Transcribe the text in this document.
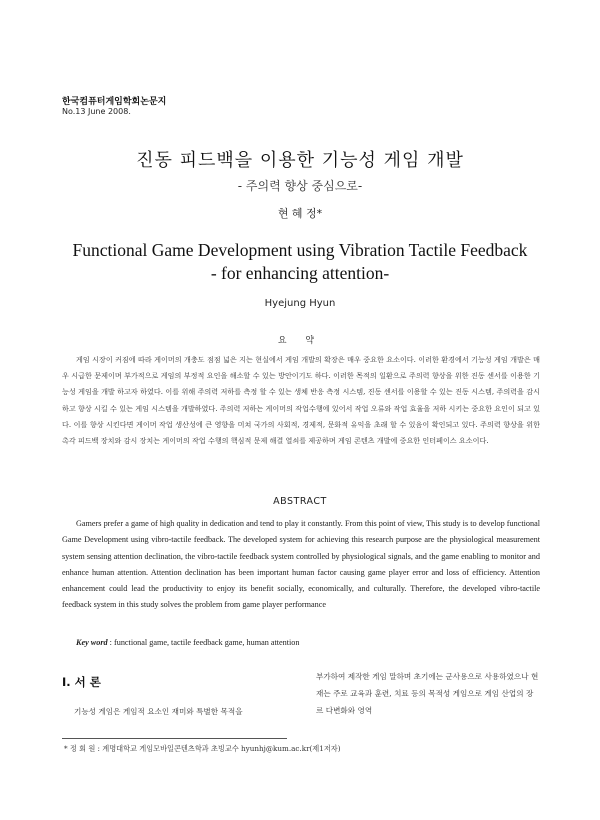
한국컴퓨터게임학회논문지
No.13 June 2008.
진동 피드백을 이용한 기능성 게임 개발
- 주의력 향상 중심으로-
현 혜 정*
Functional Game Development using Vibration Tactile Feedback
- for enhancing attention-
Hyejung Hyun
요 약

게임 시장이 커짐에 따라 게이머의 개충도 점점 넓은 지는 현실에서 게임 개발의 확장은 매우 중요한 요소이다. 이러한 환경에서 기능성 게임 개발은 매우 시급한 문제이며 부가적으로 게임의 부정적 요인을 해소할 수 있는 방안이기도 하다. 이러한 목적의 일환으로 주의력 향상을 위한 진동 센서를 이용한 기능성 게임을 개발 하고자 하였다. 이를 위해 주의력 저하를 측정 할 수 있는 생체 반응 측정 시스템, 진동 센서를 이용할 수 있는 진동 시스템, 주의력을 감시하고 향상 시킬 수 있는 게임 시스템을 개발하였다. 주의력 저하는 게이머의 작업수행에 있어서 작업 오류와 작업 효율을 저하 시키는 중요한 요인이 되고 있다. 이를 향상 시킨다면 게이머 작업 생산성에 큰 영향을 미쳐 국가의 사회적, 경제적, 문화적 유익을 초래 할 수 있음이 확인되고 있다. 주의력 향상을 위한 촉각 피드백 장치와 감시 장치는 게이머의 작업 수행의 핵심적 문제 해결 열쇠를 제공하며 게임 콘텐츠 개발에 중요한 인터페이스 요소이다.

ABSTRACT

Gamers prefer a game of high quality in dedication and tend to play it constantly. From this point of view, This study is to develop functional Game Development using vibro-tactile feedback. The developed system for achieving this research purpose are the physiological measurement system sensing attention declination, the vibro-tactile feedback system controlled by physiological signals, and the game enabling to monitor and enhance human attention. Attention declination has been important human factor causing game player error and loss of efficiency. Attention enhancement could lead the productivity to enjoy its benefit socially, economically, and culturally. Therefore, the developed vibro-tactile feedback system in this study solves the problem from game player performance

Key word : functional game, tactile feedback game, human attention
Ⅰ. 서 론

기능성 게임은 게임적 요소인 재미와 특별한 목적을

부가하여 제작한 게임 말하며 초기에는 군사용으로 사용하였으나 현재는 주로 교육과 훈련, 치료 등의 목적성 게임으로 게임 산업의 장르 다변화와 영역

* 정 회 원 : 계명대학교 게임모바일콘텐츠학과 초빙교수 hyunhj@kum.ac.kr(제1저자)
